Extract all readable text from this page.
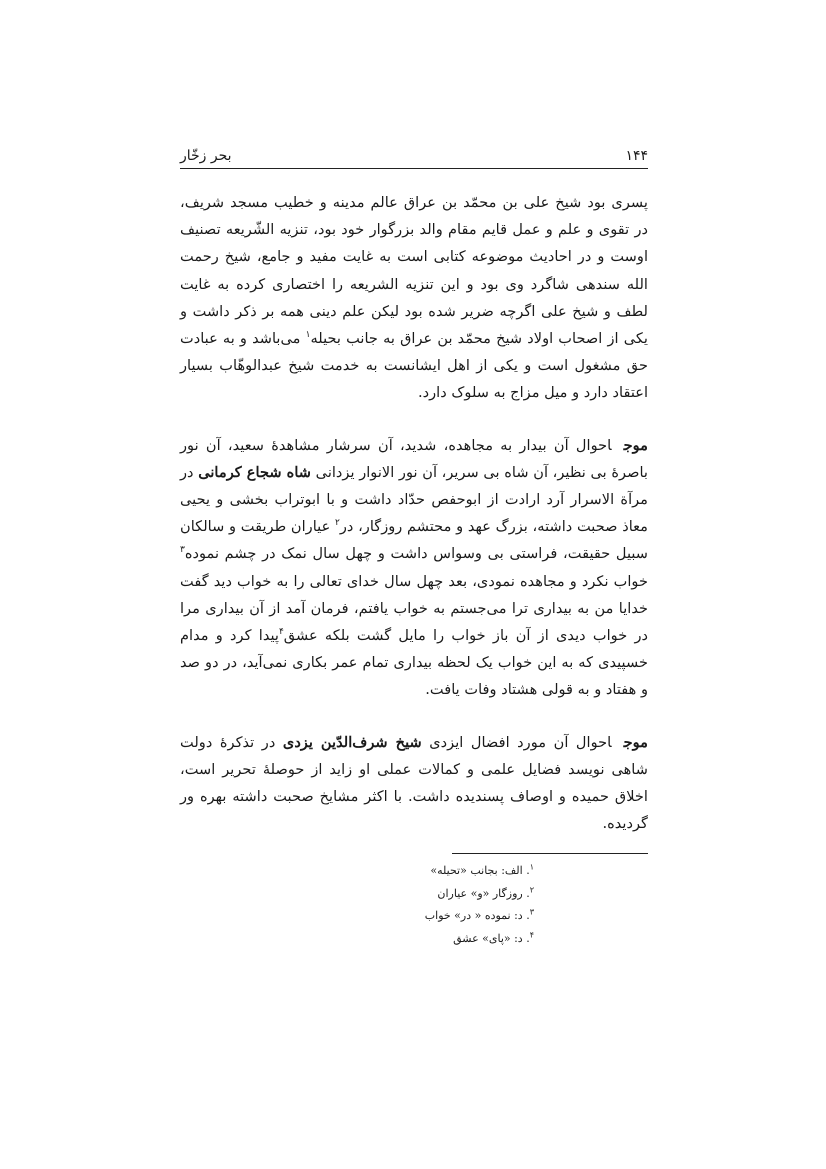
۱۴۴
بحر زخّار

پسری بود شیخ علی بن محمّد بن عراق عالم مدینه و خطیب مسجد شریف، در تقوی و علم و عمل قایم مقام والد بزرگوار خود بود، تنزیه الشّریعه تصنیف اوست و در احادیث موضوعه کتابی است به غایت مفید و جامع، شیخ رحمت الله سندهی شاگرد وی بود و این تنزیه الشریعه را اختصاری کرده به غایت لطف و شیخ علی اگرچه ضریر شده بود لیکن علم دینی همه بر ذکر داشت و یکی از اصحاب اولاد شیخ محمّد بن عراق به جانب بحیله$^۱$ می‌باشد و به عبادت حق مشغول است و یکی از اهل ایشانست به خدمت شیخ عبدالوهّاب بسیار اعتقاد دارد و میل مزاج به سلوک دارد.

موجاحوال آن بیدار به مجاهده، شدید، آن سرشار مشاهدهٔ سعید، آن نور باصرهٔ بی نظیر، آن شاه بی سریر، آن نور الانوار یزدانی شاه شجاع کرمانی در مرآة الاسرار آرد ارادت از ابوحفص حدّاد داشت و با ابوتراب بخشی و یحیی معاذ صحبت داشته، بزرگ عهد و محتشم روزگار، در$^۲$ عیاران طریقت و سالکان سبیل حقیقت، فراستی بی وسواس داشت و چهل سال نمک در چشم نموده$^۳$ خواب نکرد و مجاهده نمودی، بعد چهل سال خدای تعالی را به خواب دید گفت خدایا من به بیداری ترا می‌جستم به خواب یافتم، فرمان آمد از آن بیداری مرا در خواب دیدی از آن باز خواب را مایل گشت بلکه عشق$^۴$پیدا کرد و مدام خسپیدی که به این خواب یک لحظه بیداری تمام عمر بکاری نمی‌آید، در دو صد و هفتاد و به قولی هشتاد وفات یافت.

موجاحوال آن مورد افضال ایزدی شیخ شرف‌الدّین یزدی در تذکرهٔ دولت شاهی نویسد فضایل علمی و کمالات عملی او زاید از حوصلهٔ تحریر است، اخلاق حمیده و اوصاف پسندیده داشت. با اکثر مشایخ صحبت داشته بهره ور گردیده.

$^۱$. الف: بجانب «تحیله»
$^۲$. روزگار «و» عیاران
$^۳$. د: نموده « در» خواب
$^۴$. د: «پای» عشق
